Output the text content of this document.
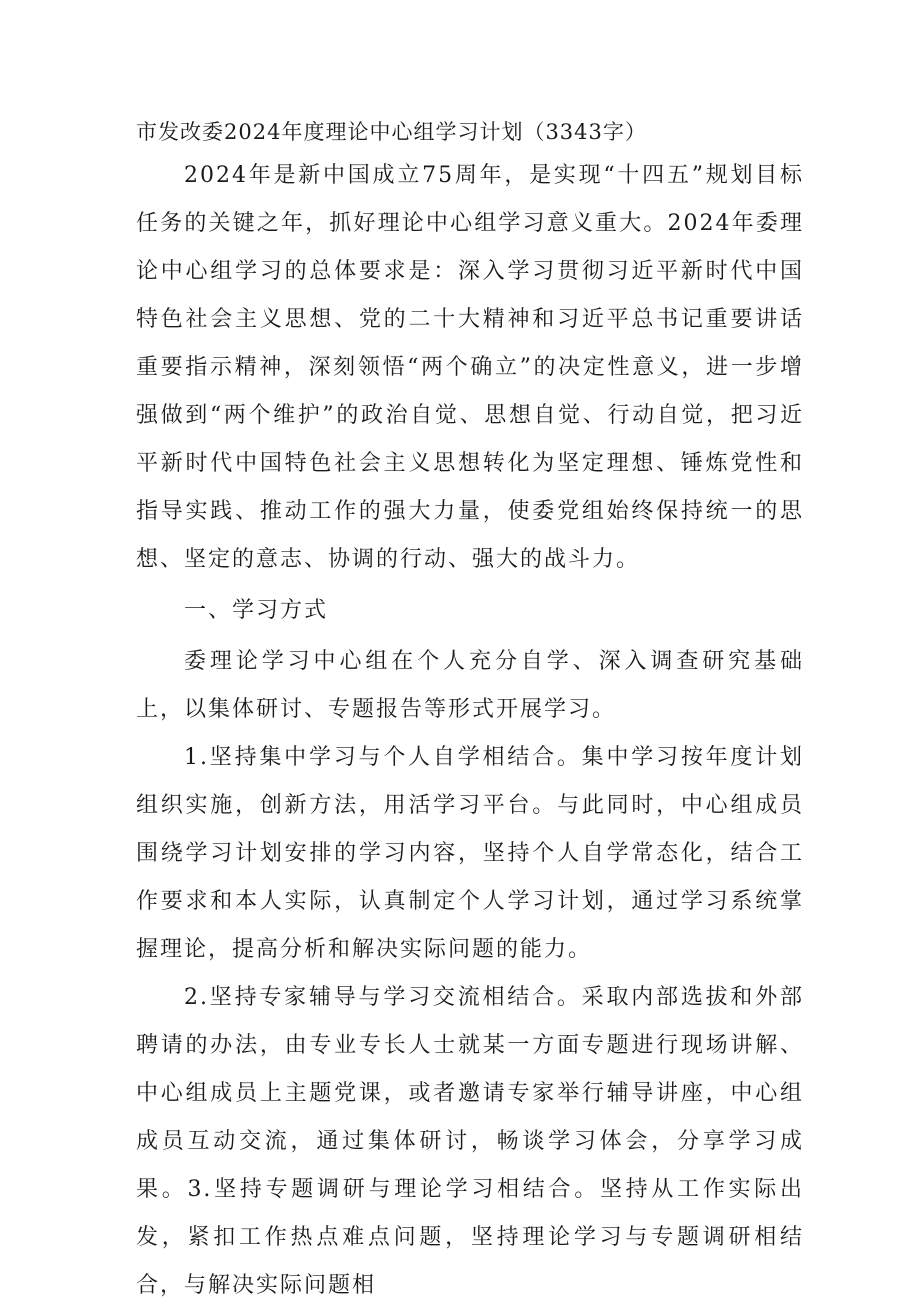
市发改委2024年度理论中心组学习计划（3343字）

2024年是新中国成立75周年，是实现“十四五”规划目标任务的关键之年，抓好理论中心组学习意义重大。2024年委理论中心组学习的总体要求是：深入学习贯彻习近平新时代中国特色社会主义思想、党的二十大精神和习近平总书记重要讲话重要指示精神，深刻领悟“两个确立”的决定性意义，进一步增强做到“两个维护”的政治自觉、思想自觉、行动自觉，把习近平新时代中国特色社会主义思想转化为坚定理想、锤炼党性和指导实践、推动工作的强大力量，使委党组始终保持统一的思想、坚定的意志、协调的行动、强大的战斗力。

一、学习方式

委理论学习中心组在个人充分自学、深入调查研究基础上，以集体研讨、专题报告等形式开展学习。

1.坚持集中学习与个人自学相结合。集中学习按年度计划组织实施，创新方法，用活学习平台。与此同时，中心组成员围绕学习计划安排的学习内容，坚持个人自学常态化，结合工作要求和本人实际，认真制定个人学习计划，通过学习系统掌握理论，提高分析和解决实际问题的能力。

2.坚持专家辅导与学习交流相结合。采取内部选拔和外部聘请的办法，由专业专长人士就某一方面专题进行现场讲解、中心组成员上主题党课，或者邀请专家举行辅导讲座，中心组成员互动交流，通过集体研讨，畅谈学习体会，分享学习成果。3.坚持专题调研与理论学习相结合。坚持从工作实际出发，紧扣工作热点难点问题，坚持理论学习与专题调研相结合，与解决实际问题相
